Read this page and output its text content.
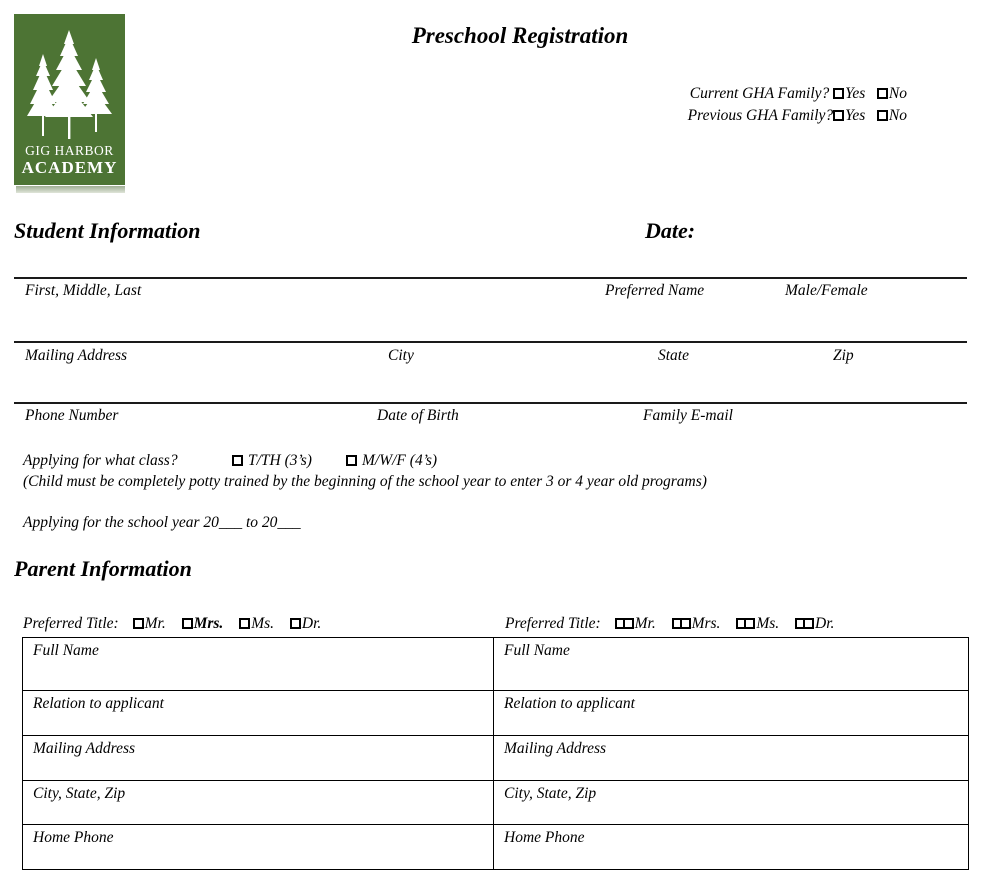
GIG HARBOR
ACADEMY
Preschool Registration
Current GHA Family? Yes No
Previous GHA Family? Yes No
Student Information	Date:
First, Middle, Last	Preferred Name	Male/Female
Mailing Address	City	State	Zip
Phone Number	Date of Birth	Family E-mail
Applying for what class?	T/TH (3’s)	M/W/F (4’s)
(Child must be completely potty trained by the beginning of the school year to enter 3 or 4 year old programs)
Applying for the school year 20___ to 20___
Parent Information
Preferred Title: Mr. Mrs. Ms. Dr.	Preferred Title: Mr. Mrs. Ms. Dr.
Full Name	Full Name
Relation to applicant	Relation to applicant
Mailing Address	Mailing Address
City, State, Zip	City, State, Zip
Home Phone	Home Phone
